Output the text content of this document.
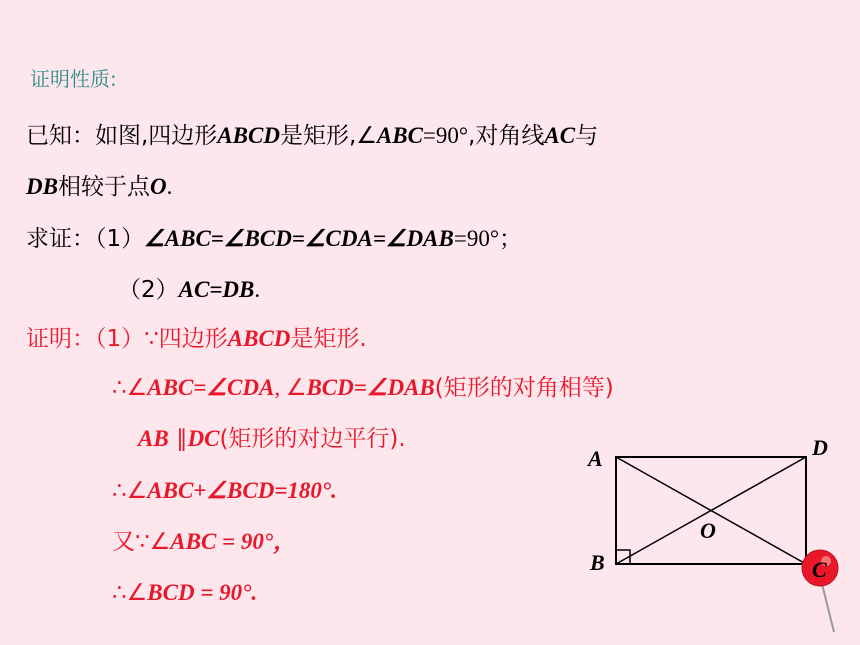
证明性质:
已知：如图,四边形ABCD是矩形,∠ABC=90°,对角线AC与
DB相较于点O.
求证：（1）∠ABC=∠BCD=∠CDA=∠DAB=90°；
（2）AC=DB.
证明：（1）∵四边形ABCD是矩形.
∴∠ABC=∠CDA, ∠BCD=∠DAB(矩形的对角相等)
AB ∥DC(矩形的对边平行).
∴∠ABC+∠BCD=180°.
又∵∠ABC = 90°，
∴∠BCD = 90°.
A	D
O
B	C
